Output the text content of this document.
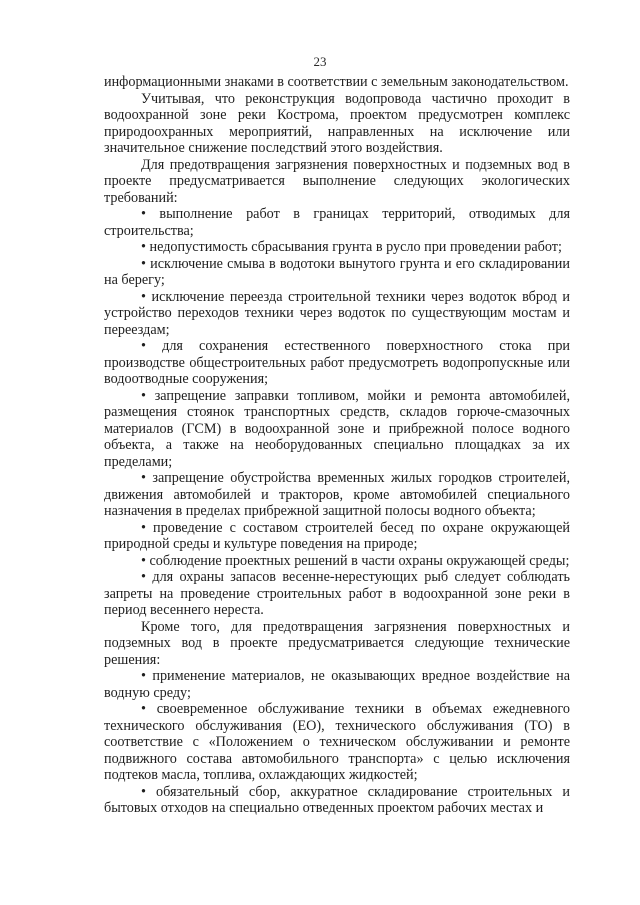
23

информационными знаками в соответствии с земельным законодательством.

Учитывая, что реконструкция водопровода частично проходит в водоохранной зоне реки Кострома, проектом предусмотрен комплекс природоохранных мероприятий, направленных на исключение или значительное снижение последствий этого воздействия.

Для предотвращения загрязнения поверхностных и подземных вод в проекте предусматривается выполнение следующих экологических требований:

• выполнение работ в границах территорий, отводимых для строительства;

• недопустимость сбрасывания грунта в русло при проведении работ;

• исключение смыва в водотоки вынутого грунта и его складировании на берегу;

• исключение переезда строительной техники через водоток вброд и устройство переходов техники через водоток по существующим мостам и переездам;

• для сохранения естественного поверхностного стока при производстве общестроительных работ предусмотреть водопропускные или водоотводные сооружения;

• запрещение заправки топливом, мойки и ремонта автомобилей, размещения стоянок транспортных средств, складов горюче-смазочных материалов (ГСМ) в водоохранной зоне и прибрежной полосе водного объекта, а также на необорудованных специально площадках за их пределами;

• запрещение обустройства временных жилых городков строителей, движения автомобилей и тракторов, кроме автомобилей специального назначения в пределах прибрежной защитной полосы водного объекта;

• проведение с составом строителей бесед по охране окружающей природной среды и культуре поведения на природе;

• соблюдение проектных решений в части охраны окружающей среды;

• для охраны запасов весенне-нерестующих рыб следует соблюдать запреты на проведение строительных работ в водоохранной зоне реки в период весеннего нереста.

Кроме того, для предотвращения загрязнения поверхностных и подземных вод в проекте предусматривается следующие технические решения:

• применение материалов, не оказывающих вредное воздействие на водную среду;

• своевременное обслуживание техники в объемах ежедневного технического обслуживания (ЕО), технического обслуживания (ТО) в соответствие с «Положением о техническом обслуживании и ремонте подвижного состава автомобильного транспорта» с целью исключения подтеков масла, топлива, охлаждающих жидкостей;

• обязательный сбор, аккуратное складирование строительных и бытовых отходов на специально отведенных проектом рабочих местах и
